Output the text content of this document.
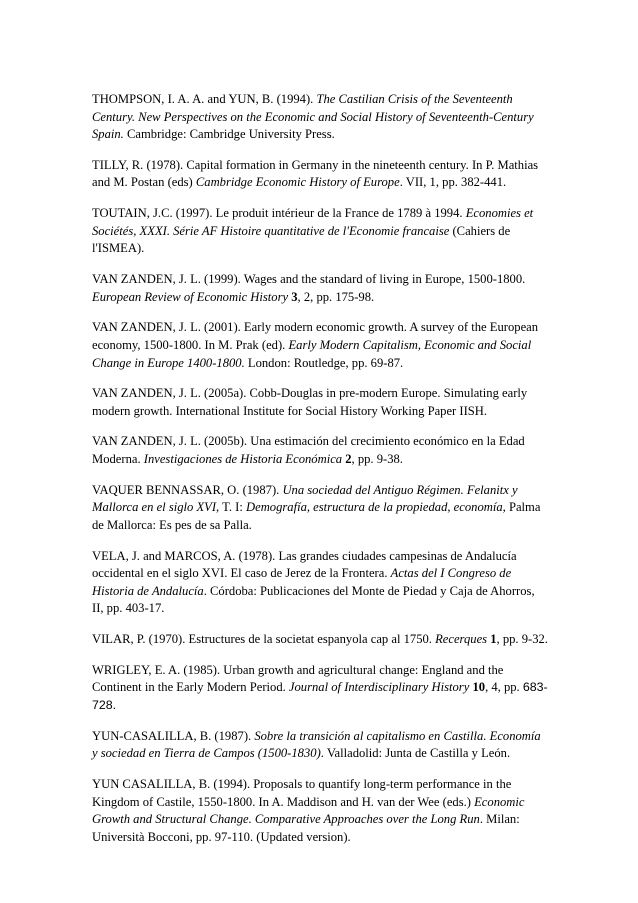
THOMPSON, I. A. A. and YUN, B. (1994). The Castilian Crisis of the Seventeenth Century. New Perspectives on the Economic and Social History of Seventeenth-Century Spain. Cambridge: Cambridge University Press.

TILLY, R. (1978). Capital formation in Germany in the nineteenth century. In P. Mathias and M. Postan (eds) Cambridge Economic History of Europe. VII, 1, pp. 382-441.

TOUTAIN, J.C. (1997). Le produit intérieur de la France de 1789 à 1994. Economies et Sociétés, XXXI. Série AF Histoire quantitative de l'Economie francaise (Cahiers de l'ISMEA).

VAN ZANDEN, J. L. (1999). Wages and the standard of living in Europe, 1500-1800. European Review of Economic History 3, 2, pp. 175-98.

VAN ZANDEN, J. L. (2001). Early modern economic growth. A survey of the European economy, 1500-1800. In M. Prak (ed). Early Modern Capitalism, Economic and Social Change in Europe 1400-1800. London: Routledge, pp. 69-87.

VAN ZANDEN, J. L. (2005a). Cobb-Douglas in pre-modern Europe. Simulating early modern growth. International Institute for Social History Working Paper IISH.

VAN ZANDEN, J. L. (2005b). Una estimación del crecimiento económico en la Edad Moderna. Investigaciones de Historia Económica 2, pp. 9-38.

VAQUER BENNASSAR, O. (1987). Una sociedad del Antiguo Régimen. Felanitx y Mallorca en el siglo XVI, T. I: Demografía, estructura de la propiedad, economía, Palma de Mallorca: Es pes de sa Palla.

VELA, J. and MARCOS, A. (1978). Las grandes ciudades campesinas de Andalucía occidental en el siglo XVI. El caso de Jerez de la Frontera. Actas del I Congreso de Historia de Andalucía. Córdoba: Publicaciones del Monte de Piedad y Caja de Ahorros, II, pp. 403-17.

VILAR, P. (1970). Estructures de la societat espanyola cap al 1750. Recerques 1, pp. 9-32.

WRIGLEY, E. A. (1985). Urban growth and agricultural change: England and the Continent in the Early Modern Period. Journal of Interdisciplinary History 10, 4, pp. 683-728.

YUN-CASALILLA, B. (1987). Sobre la transición al capitalismo en Castilla. Economía y sociedad en Tierra de Campos (1500-1830). Valladolid: Junta de Castilla y León.

YUN CASALILLA, B. (1994). Proposals to quantify long-term performance in the Kingdom of Castile, 1550-1800. In A. Maddison and H. van der Wee (eds.) Economic Growth and Structural Change. Comparative Approaches over the Long Run. Milan: Università Bocconi, pp. 97-110. (Updated version).
